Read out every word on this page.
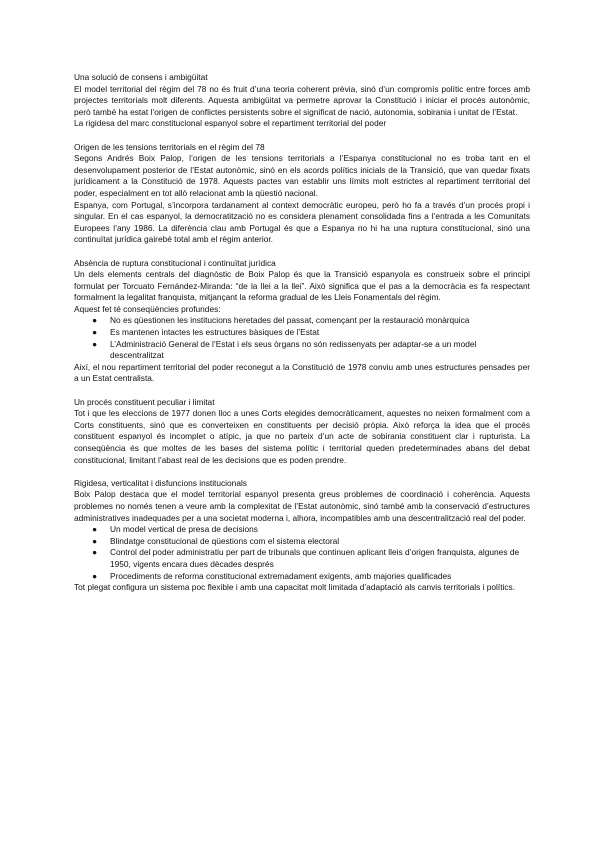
Una solució de consens i ambigüitat

El model territorial del règim del 78 no és fruit d’una teoria coherent prèvia, sinó d’un compromís polític entre forces amb projectes territorials molt diferents. Aquesta ambigüitat va permetre aprovar la Constitució i iniciar el procés autonòmic, però també ha estat l’origen de conflictes persistents sobre el significat de nació, autonomia, sobirania i unitat de l’Estat.

La rigidesa del marc constitucional espanyol sobre el repartiment territorial del poder

Origen de les tensions territorials en el règim del 78

Segons Andrés Boix Palop, l’origen de les tensions territorials a l’Espanya constitucional no es troba tant en el desenvolupament posterior de l’Estat autonòmic, sinó en els acords polítics inicials de la Transició, que van quedar fixats jurídicament a la Constitució de 1978. Aquests pactes van establir uns límits molt estrictes al repartiment territorial del poder, especialment en tot allò relacionat amb la qüestió nacional.

Espanya, com Portugal, s’incorpora tardanament al context democràtic europeu, però ho fa a través d’un procés propi i singular. En el cas espanyol, la democratització no es considera plenament consolidada fins a l’entrada a les Comunitats Europees l’any 1986. La diferència clau amb Portugal és que a Espanya no hi ha una ruptura constitucional, sinó una continuïtat jurídica gairebé total amb el règim anterior.

Absència de ruptura constitucional i continuïtat jurídica

Un dels elements centrals del diagnòstic de Boix Palop és que la Transició espanyola es construeix sobre el principi formulat per Torcuato Fernández-Miranda: “de la llei a la llei”. Això significa que el pas a la democràcia es fa respectant formalment la legalitat franquista, mitjançant la reforma gradual de les Lleis Fonamentals del règim.

Aquest fet té conseqüències profundes:

● No es qüestionen les institucions heretades del passat, començant per la restauració monàrquica
● Es mantenen intactes les estructures bàsiques de l’Estat
● L’Administració General de l’Estat i els seus òrgans no són redissenyats per adaptar-se a un model descentralitzat

Així, el nou repartiment territorial del poder reconegut a la Constitució de 1978 conviu amb unes estructures pensades per a un Estat centralista.

Un procés constituent peculiar i limitat

Tot i que les eleccions de 1977 donen lloc a unes Corts elegides democràticament, aquestes no neixen formalment com a Corts constituents, sinó que es converteixen en constituents per decisió pròpia. Això reforça la idea que el procés constituent espanyol és incomplet o atípic, ja que no parteix d’un acte de sobirania constituent clar i rupturista. La conseqüència és que moltes de les bases del sistema polític i territorial queden predeterminades abans del debat constitucional, limitant l’abast real de les decisions que es poden prendre.

Rigidesa, verticalitat i disfuncions institucionals

Boix Palop destaca que el model territorial espanyol presenta greus problemes de coordinació i coherència. Aquests problemes no només tenen a veure amb la complexitat de l’Estat autonòmic, sinó també amb la conservació d’estructures administratives inadequades per a una societat moderna i, alhora, incompatibles amb una descentralització real del poder.

● Un model vertical de presa de decisions
● Blindatge constitucional de qüestions com el sistema electoral
● Control del poder administratiu per part de tribunals que continuen aplicant lleis d’origen franquista, algunes de 1950, vigents encara dues dècades després
● Procediments de reforma constitucional extremadament exigents, amb majories qualificades

Tot plegat configura un sistema poc flexible i amb una capacitat molt limitada d’adaptació als canvis territorials i polítics.
